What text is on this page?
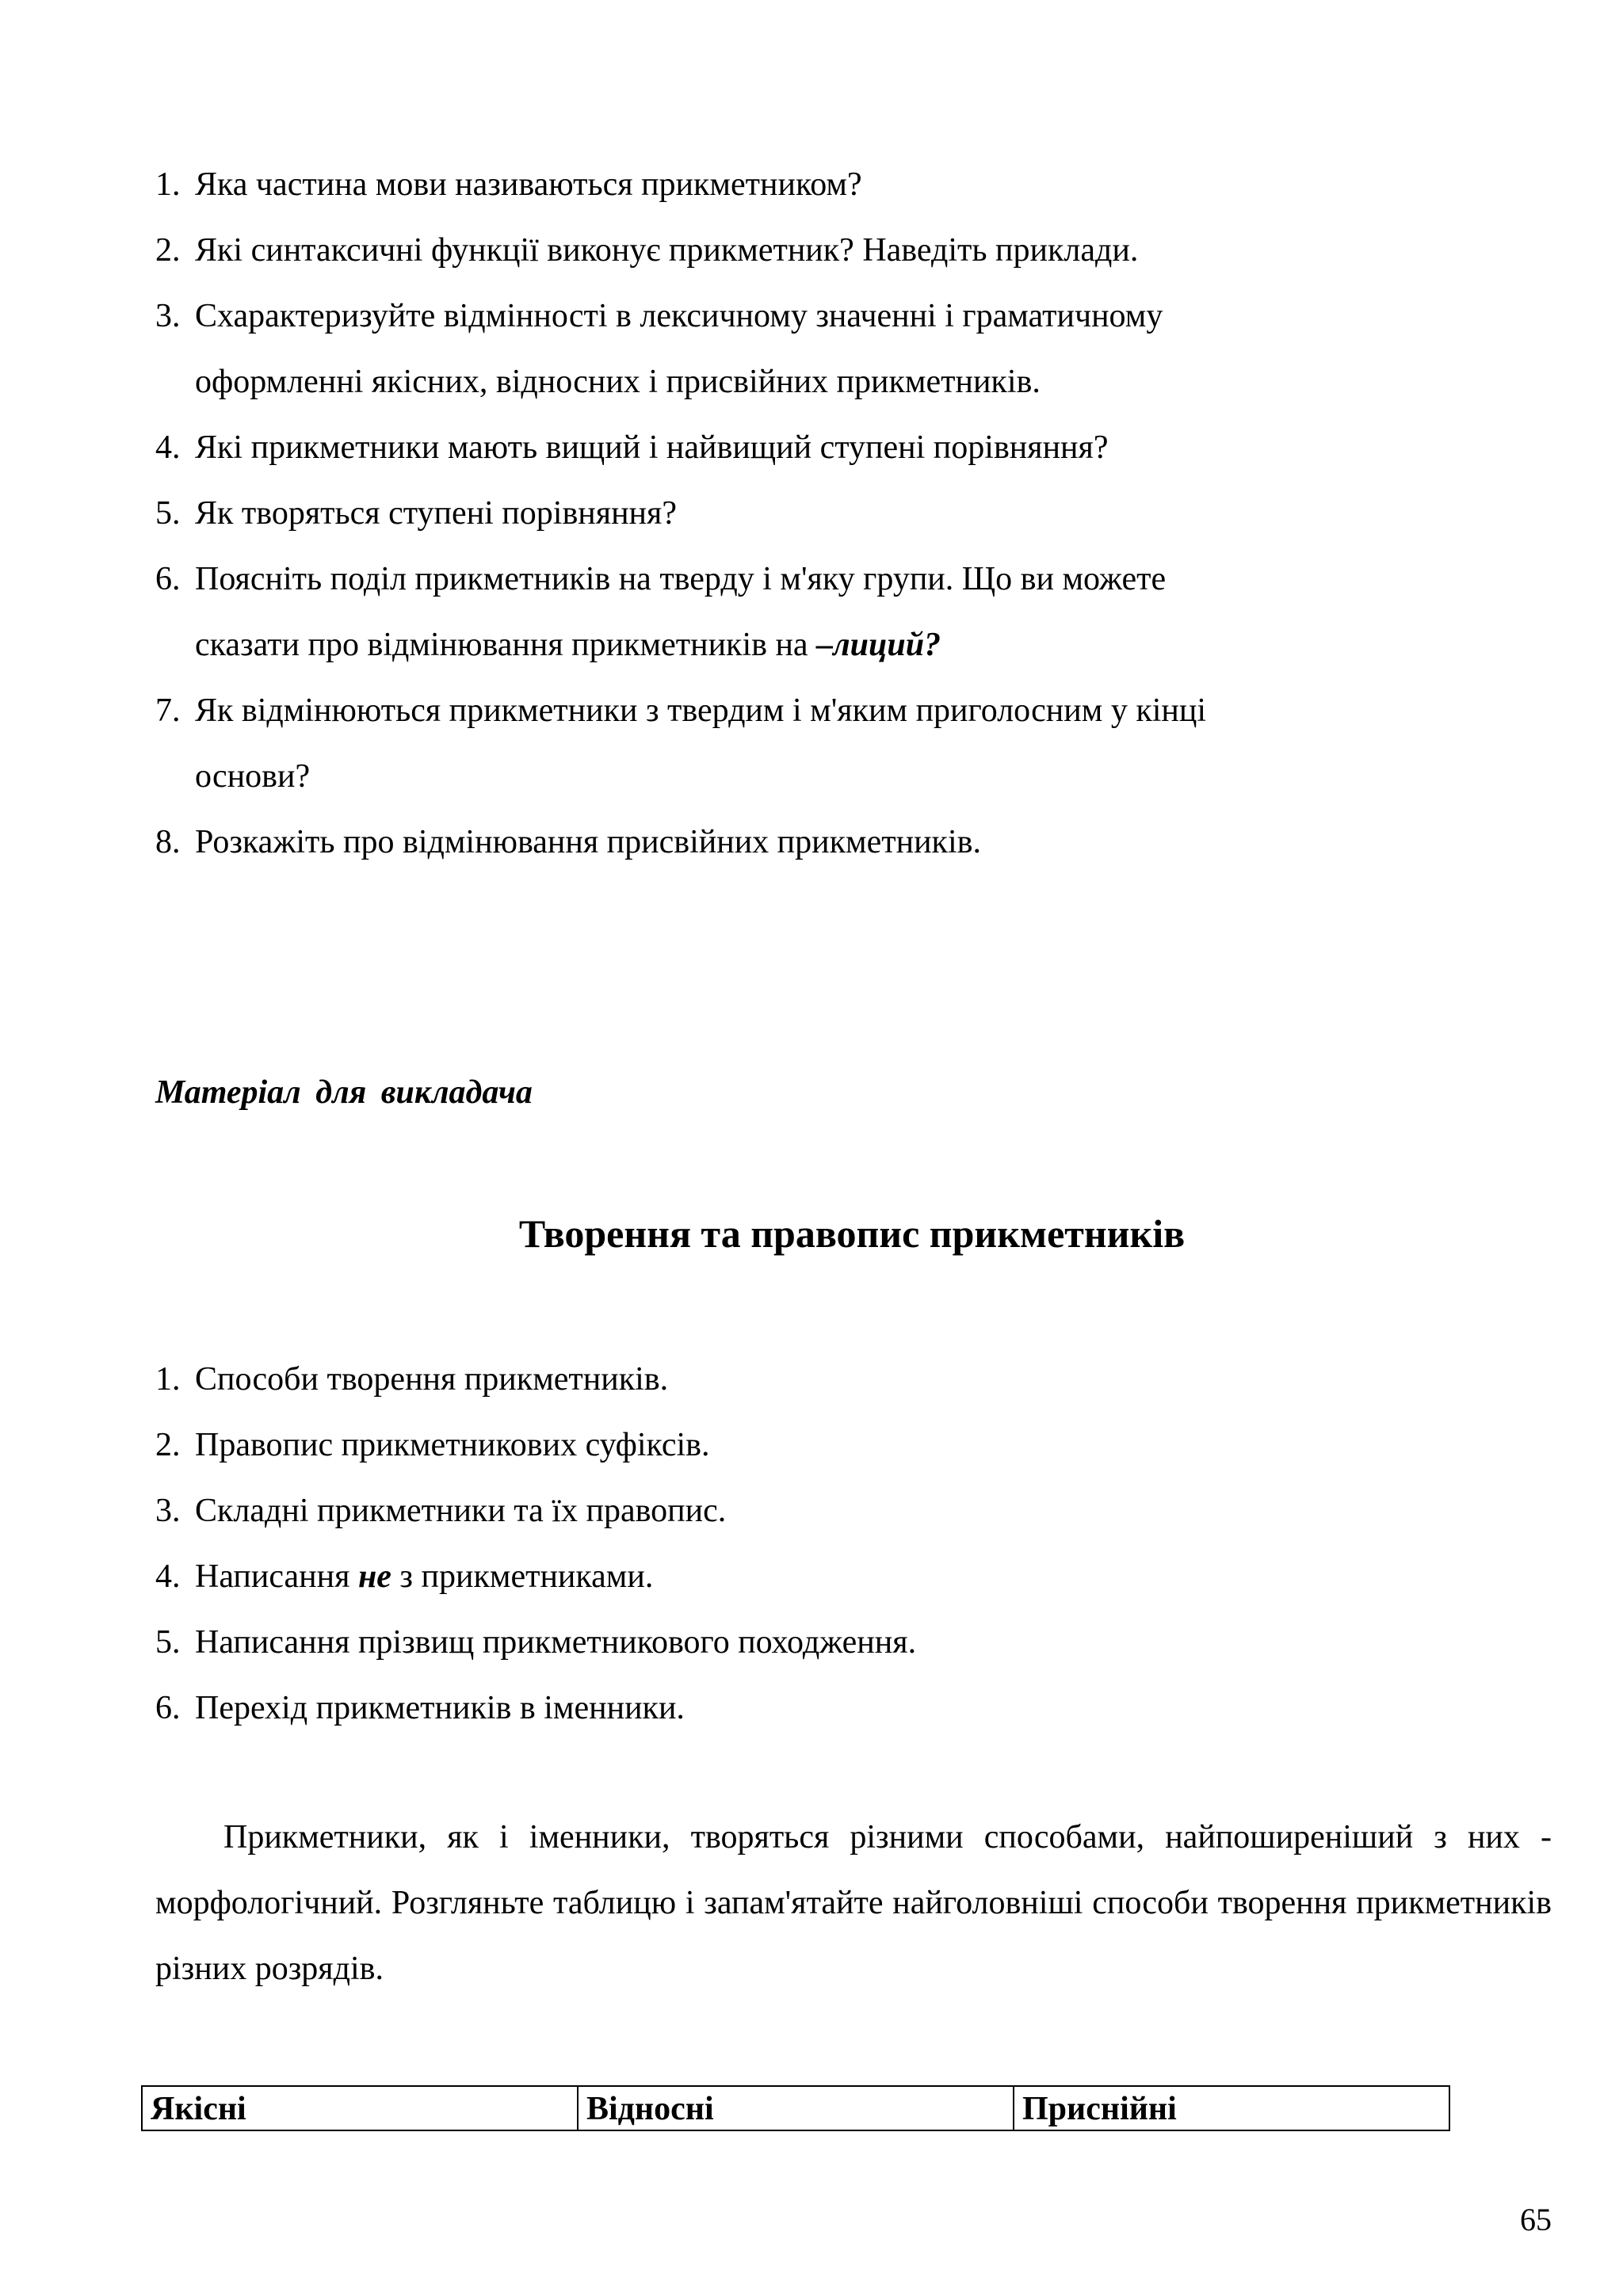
1. Яка частина мови називаються прикметником?
2. Які синтаксичні функції виконує прикметник? Наведіть приклади.
3. Схарактеризуйте відмінності в лексичному значенні і граматичному
оформленні якісних, відносних і присвійних прикметників.
4. Які прикметники мають вищий і найвищий ступені порівняння?
5. Як творяться ступені порівняння?
6. Поясніть поділ прикметників на тверду і м'яку групи. Що ви можете
сказати про відмінювання прикметників на –лиций?
7. Як відмінюються прикметники з твердим і м'яким приголосним у кінці
основи?
8. Розкажіть про відмінювання присвійних прикметників.
Матеріал для викладача
Творення та правопис прикметників
1. Способи творення прикметників.
2. Правопис прикметникових суфіксів.
3. Складні прикметники та їх правопис.
4. Написання не з прикметниками.
5. Написання прізвищ прикметникового походження.
6. Перехід прикметників в іменники.

Прикметники, як і іменники, творяться різними способами, найпоширеніший з них - морфологічний. Розгляньте таблицю і запам'ятайте найголовніші способи творення прикметників різних розрядів.

Якісні	Відносні	Приснійні
65
